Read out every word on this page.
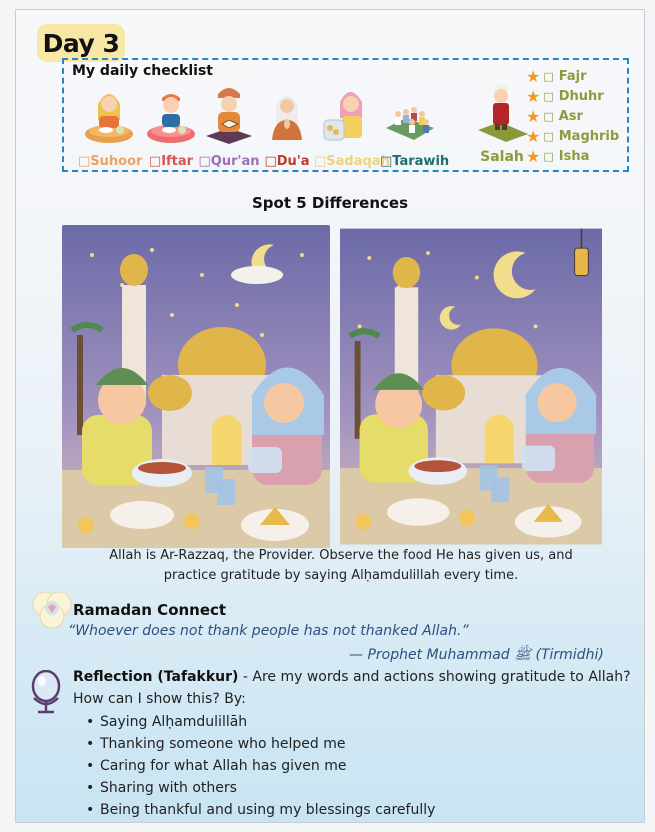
Day 3
My daily checklist
□Suhoor □Iftar □Qur'an □Du'a □Sadaqah
□Tarawih	Salah
★ □ Fajr
★ □ Dhuhr
★ □ Asr
★ □ Maghrib
★ □ Isha
Spot 5 Differences
Allah is Ar-Razzaq, the Provider. Observe the food He has given us, and
practice gratitude by saying Alḥamdulillah every time.
Ramadan Connect
“Whoever does not thank people has not thanked Allah.”
— Prophet Muhammad ﷺ (Tirmidhi)
Reflection (Tafakkur) - Are my words and actions showing gratitude to Allah?
How can I show this? By:
• Saying Alḥamdulillāh
• Thanking someone who helped me
• Caring for what Allah has given me
• Sharing with others
• Being thankful and using my blessings carefully
